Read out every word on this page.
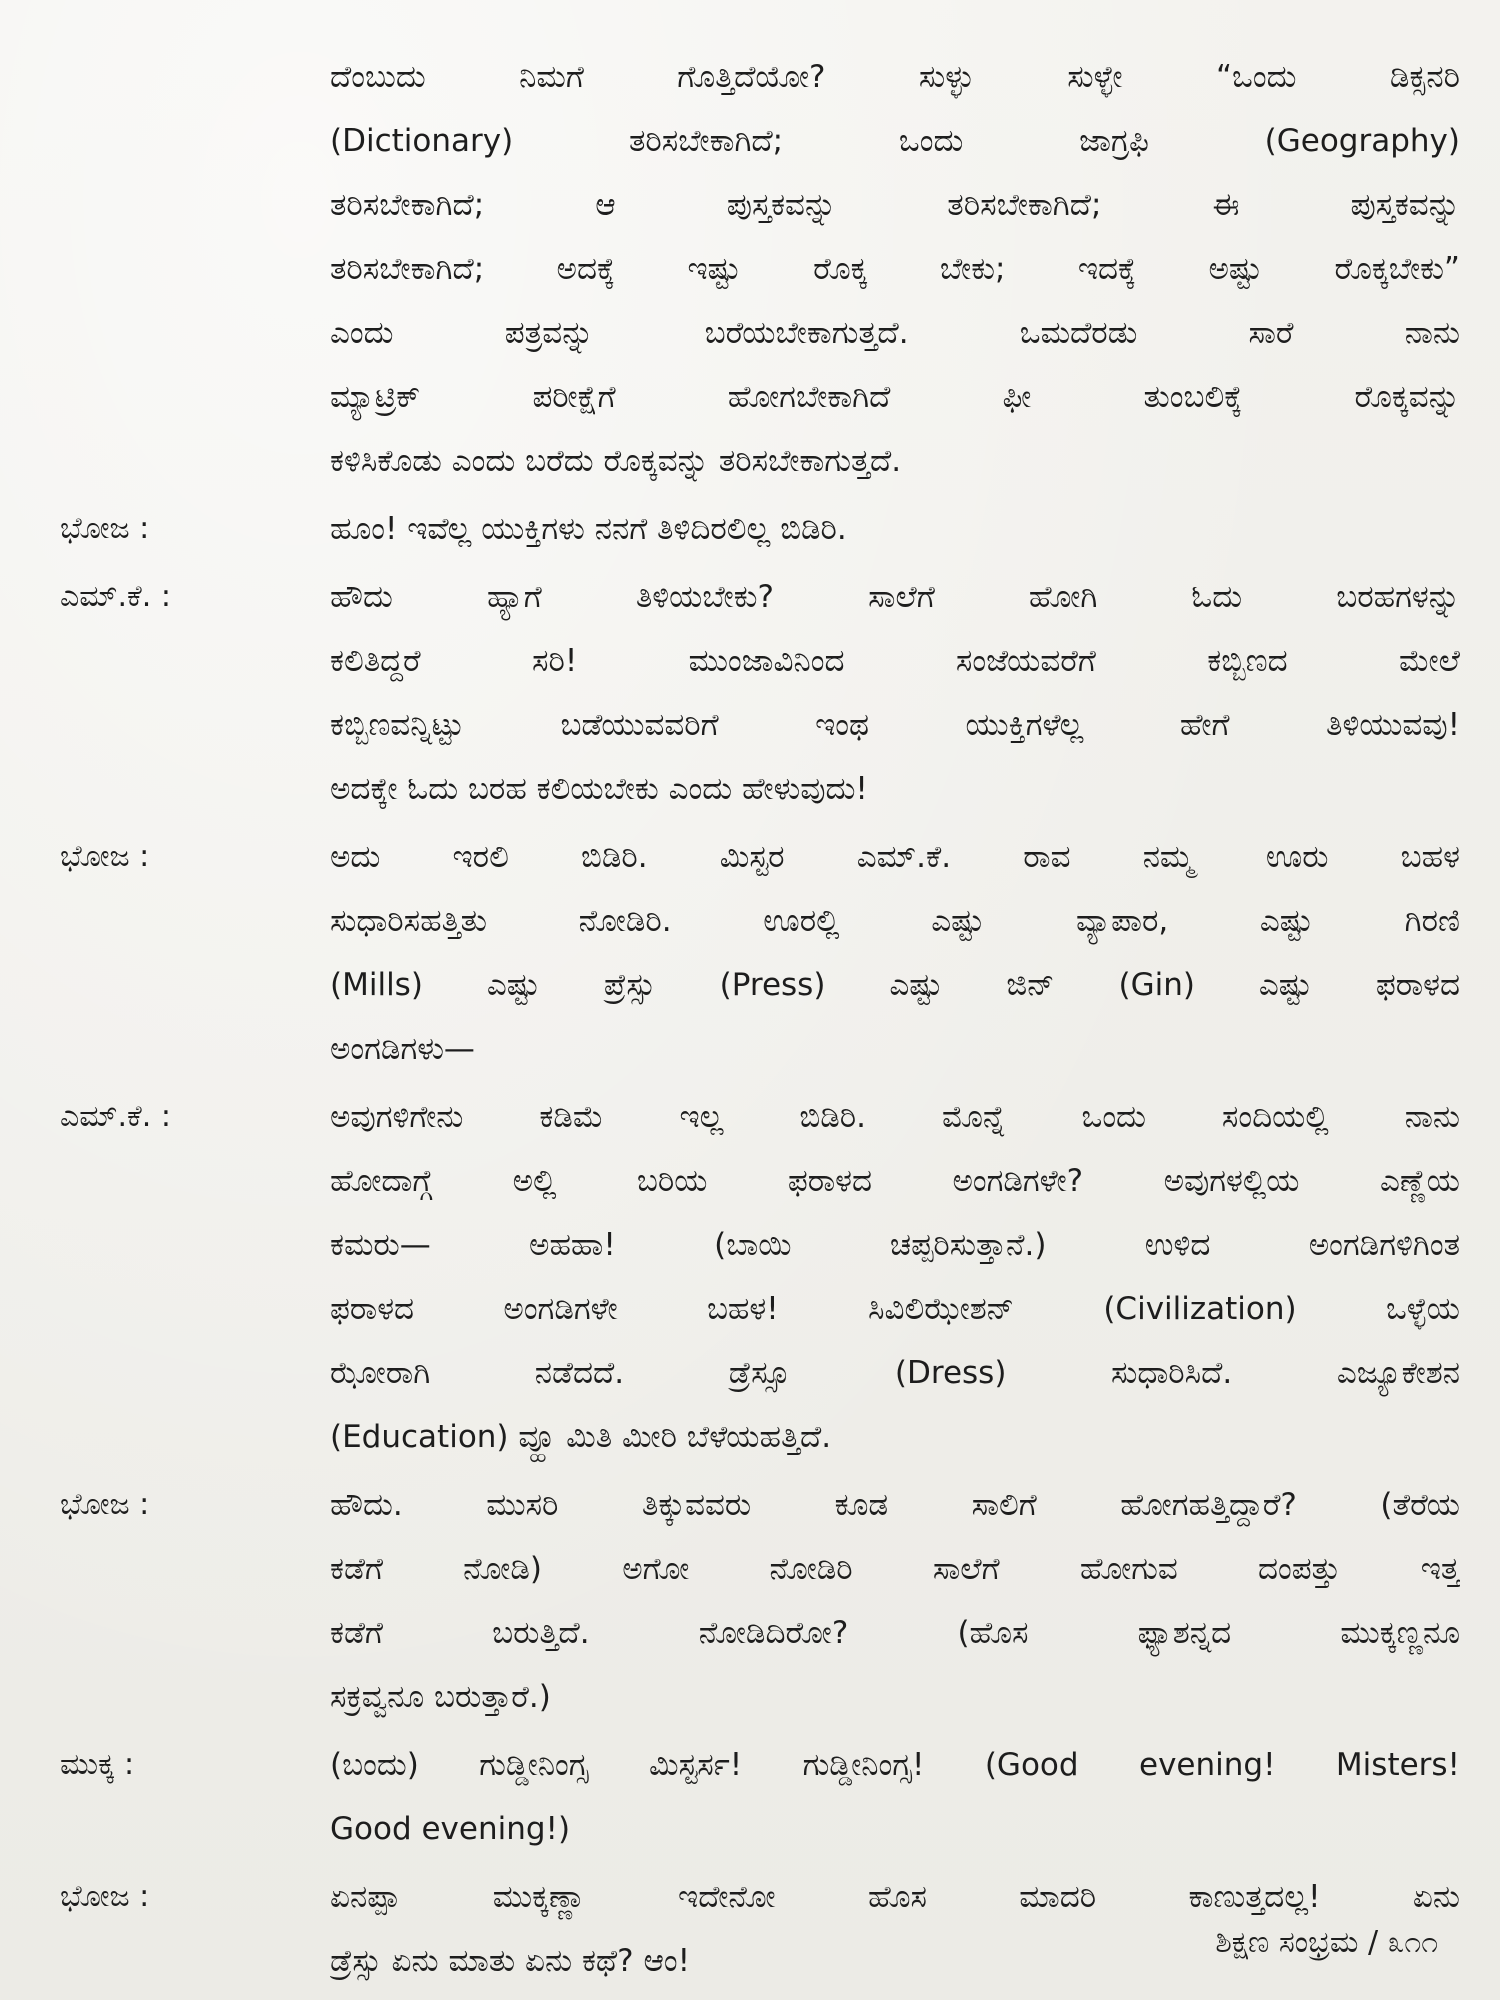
ದೆಂಬುದು ನಿಮಗೆ ಗೊತ್ತಿದೆಯೋ? ಸುಳ್ಳು ಸುಳ್ಳೇ “ಒಂದು ಡಿಕ್ಸನರಿ
(Dictionary) ತರಿಸಬೇಕಾಗಿದೆ; ಒಂದು ಜಾಗ್ರಫಿ (Geography)
ತರಿಸಬೇಕಾಗಿದೆ; ಆ ಪುಸ್ತಕವನ್ನು ತರಿಸಬೇಕಾಗಿದೆ; ಈ ಪುಸ್ತಕವನ್ನು
ತರಿಸಬೇಕಾಗಿದೆ; ಅದಕ್ಕೆ ಇಷ್ಟು ರೊಕ್ಕ ಬೇಕು; ಇದಕ್ಕೆ ಅಷ್ಟು ರೊಕ್ಕಬೇಕು”
ಎಂದು ಪತ್ರವನ್ನು ಬರೆಯಬೇಕಾಗುತ್ತದೆ. ಒಮದೆರಡು ಸಾರೆ ನಾನು
ಮ್ಯಾಟ್ರಿಕ್ ಪರೀಕ್ಷೆಗೆ ಹೋಗಬೇಕಾಗಿದೆ ಫೀ ತುಂಬಲಿಕ್ಕೆ ರೊಕ್ಕವನ್ನು
ಕಳಿಸಿಕೊಡು ಎಂದು ಬರೆದು ರೊಕ್ಕವನ್ನು ತರಿಸಬೇಕಾಗುತ್ತದೆ.
ಭೋಜ :	ಹೂಂ! ಇವೆಲ್ಲ ಯುಕ್ತಿಗಳು ನನಗೆ ತಿಳಿದಿರಲಿಲ್ಲ ಬಿಡಿರಿ.
ಎಮ್.ಕೆ. :	ಹೌದು ಹ್ಯಾಗೆ ತಿಳಿಯಬೇಕು? ಸಾಲೆಗೆ ಹೋಗಿ ಓದು ಬರಹಗಳನ್ನು
ಕಲಿತಿದ್ದರೆ ಸರಿ! ಮುಂಜಾವಿನಿಂದ ಸಂಜೆಯವರೆಗೆ ಕಬ್ಬಿಣದ ಮೇಲೆ
ಕಬ್ಬಿಣವನ್ನಿಟ್ಟು ಬಡೆಯುವವರಿಗೆ ಇಂಥ ಯುಕ್ತಿಗಳೆಲ್ಲ ಹೇಗೆ ತಿಳಿಯುವವು!
ಅದಕ್ಕೇ ಓದು ಬರಹ ಕಲಿಯಬೇಕು ಎಂದು ಹೇಳುವುದು!
ಭೋಜ :	ಅದು ಇರಲಿ ಬಿಡಿರಿ. ಮಿಸ್ಟರ ಎಮ್.ಕೆ. ರಾವ ನಮ್ಮ ಊರು ಬಹಳ
ಸುಧಾರಿಸಹತ್ತಿತು ನೋಡಿರಿ. ಊರಲ್ಲಿ ಎಷ್ಟು ವ್ಯಾಪಾರ, ಎಷ್ಟು ಗಿರಣಿ
(Mills) ಎಷ್ಟು ಪ್ರೆಸ್ಸು (Press) ಎಷ್ಟು ಜಿನ್ (Gin) ಎಷ್ಟು ಫರಾಳದ
ಅಂಗಡಿಗಳು—
ಎಮ್.ಕೆ. :	ಅವುಗಳಿಗೇನು ಕಡಿಮೆ ಇಲ್ಲ ಬಿಡಿರಿ. ಮೊನ್ನೆ ಒಂದು ಸಂದಿಯಲ್ಲಿ ನಾನು
ಹೋದಾಗ್ಗೆ ಅಲ್ಲಿ ಬರಿಯ ಫರಾಳದ ಅಂಗಡಿಗಳೇ? ಅವುಗಳಲ್ಲಿಯ ಎಣ್ಣೆಯ
ಕಮರು— ಅಹಹಾ! (ಬಾಯಿ ಚಪ್ಪರಿಸುತ್ತಾನೆ.) ಉಳಿದ ಅಂಗಡಿಗಳಿಗಿಂತ
ಫರಾಳದ ಅಂಗಡಿಗಳೇ ಬಹಳ! ಸಿವಿಲಿಝೇಶನ್ (Civilization) ಒಳ್ಳೆಯ
ಝೋರಾಗಿ ನಡೆದದೆ. ಡ್ರೆಸ್ಸೂ (Dress) ಸುಧಾರಿಸಿದೆ. ಎಜ್ಯೂಕೇಶನ
(Education) ವ್ಹೂ ಮಿತಿ ಮೀರಿ ಬೆಳೆಯಹತ್ತಿದೆ.
ಭೋಜ :	ಹೌದು. ಮುಸರಿ ತಿಕ್ಕುವವರು ಕೂಡ ಸಾಲಿಗೆ ಹೋಗಹತ್ತಿದ್ದಾರೆ? (ತೆರೆಯ
ಕಡೆಗೆ ನೋಡಿ) ಅಗೋ ನೋಡಿರಿ ಸಾಲೆಗೆ ಹೋಗುವ ದಂಪತ್ತು ಇತ್ತ
ಕಡೆಗೆ ಬರುತ್ತಿದೆ. ನೋಡಿದಿರೋ? (ಹೊಸ ಫ್ಯಾಶನ್ನದ ಮುಕ್ಕಣ್ಣನೂ
ಸಕ್ರವ್ವನೂ ಬರುತ್ತಾರೆ.)
ಮುಕ್ಕ :	(ಬಂದು) ಗುಡ್ಡೀನಿಂಗ್ಸ ಮಿಸ್ಟರ್ಸ! ಗುಡ್ಡೀನಿಂಗ್ಸ! (Good evening! Misters!
Good evening!)
ಭೋಜ :	ಏನಪ್ಪಾ ಮುಕ್ಕಣ್ಣಾ ಇದೇನೋ ಹೊಸ ಮಾದರಿ ಕಾಣುತ್ತದಲ್ಲ! ಏನು
ಡ್ರೆಸ್ಸು ಏನು ಮಾತು ಏನು ಕಥೆ? ಆಂ!
ಶಿಕ್ಷಣ ಸಂಭ್ರಮ / ೩೧೧
